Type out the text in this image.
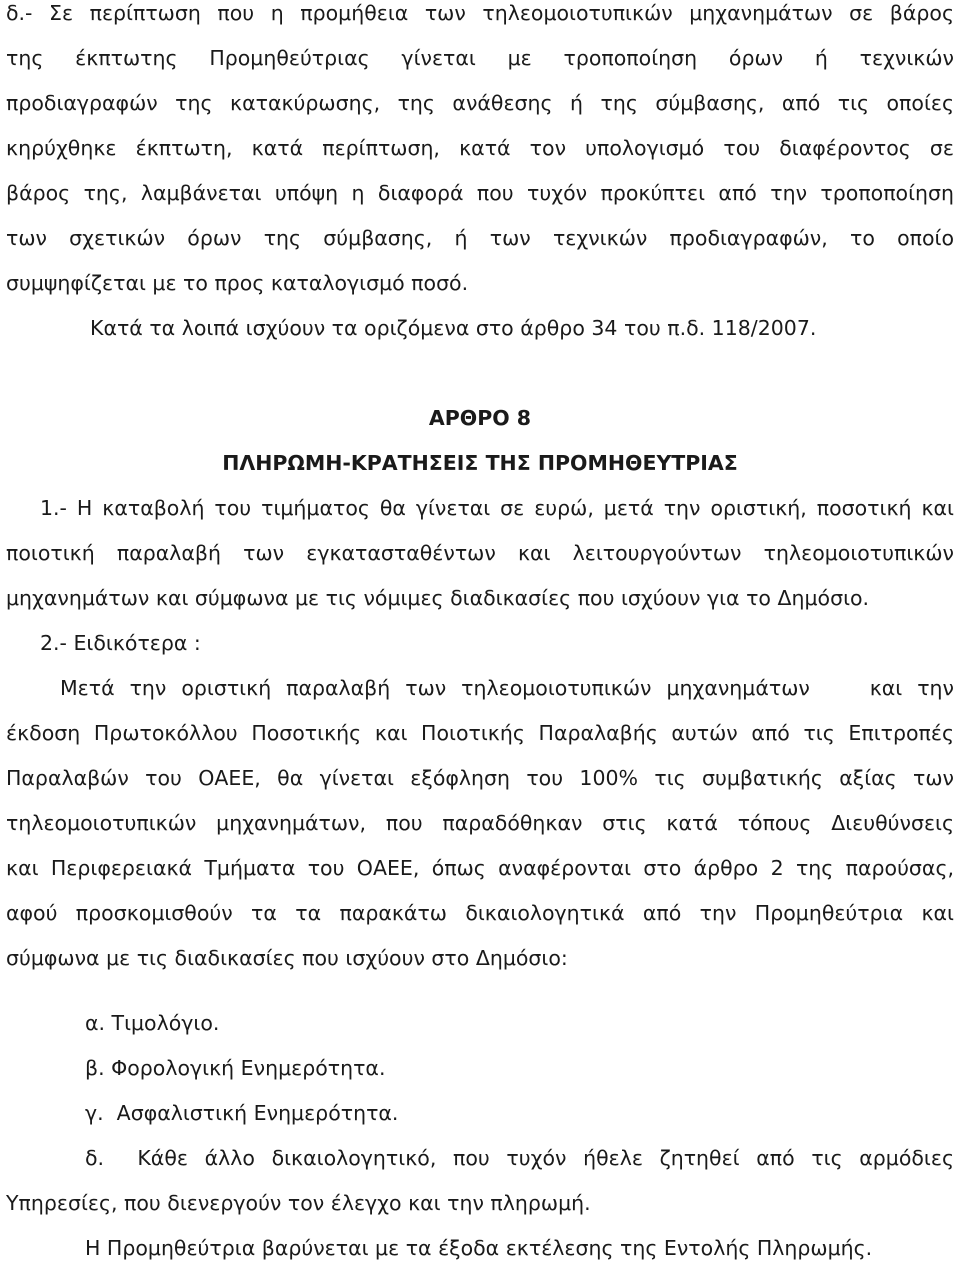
δ.- Σε περίπτωση που η προμήθεια των τηλεομοιοτυπικών μηχανημάτων σε βάρος
της έκπτωτης Προμηθεύτριας γίνεται με τροποποίηση όρων ή τεχνικών
προδιαγραφών της κατακύρωσης, της ανάθεσης ή της σύμβασης, από τις οποίες
κηρύχθηκε έκπτωτη, κατά περίπτωση, κατά τον υπολογισμό του διαφέροντος σε
βάρος της, λαμβάνεται υπόψη η διαφορά που τυχόν προκύπτει από την τροποποίηση
των σχετικών όρων της σύμβασης, ή των τεχνικών προδιαγραφών, το οποίο
συμψηφίζεται με το προς καταλογισμό ποσό.
Κατά τα λοιπά ισχύουν τα οριζόμενα στο άρθρο 34 του π.δ. 118/2007.
ΑΡΘΡΟ 8
ΠΛΗΡΩΜΗ-ΚΡΑΤΗΣΕΙΣ ΤΗΣ ΠΡΟΜΗΘΕΥΤΡΙΑΣ
1.- Η καταβολή του τιμήματος θα γίνεται σε ευρώ, μετά την οριστική, ποσοτική και
ποιοτική παραλαβή των εγκατασταθέντων και λειτουργούντων τηλεομοιοτυπικών
μηχανημάτων και σύμφωνα με τις νόμιμες διαδικασίες που ισχύουν για το Δημόσιο.
2.- Ειδικότερα :
Μετά την οριστική παραλαβή των τηλεομοιοτυπικών μηχανημάτων    και την
έκδοση Πρωτοκόλλου Ποσοτικής και Ποιοτικής Παραλαβής αυτών από τις Επιτροπές
Παραλαβών του ΟΑΕΕ, θα γίνεται εξόφληση του 100% τις συμβατικής αξίας των
τηλεομοιοτυπικών μηχανημάτων, που παραδόθηκαν στις κατά τόπους Διευθύνσεις
και Περιφερειακά Τμήματα του ΟΑΕΕ, όπως αναφέρονται στο άρθρο 2 της παρούσας,
αφού προσκομισθούν τα τα παρακάτω δικαιολογητικά από την Προμηθεύτρια και
σύμφωνα με τις διαδικασίες που ισχύουν στο Δημόσιο:
α. Τιμολόγιο.
β. Φορολογική Ενημερότητα.
γ.  Ασφαλιστική Ενημερότητα.
δ.  Κάθε άλλο δικαιολογητικό, που τυχόν ήθελε ζητηθεί από τις αρμόδιες
Υπηρεσίες, που διενεργούν τον έλεγχο και την πληρωμή.
Η Προμηθεύτρια βαρύνεται με τα έξοδα εκτέλεσης της Εντολής Πληρωμής.
